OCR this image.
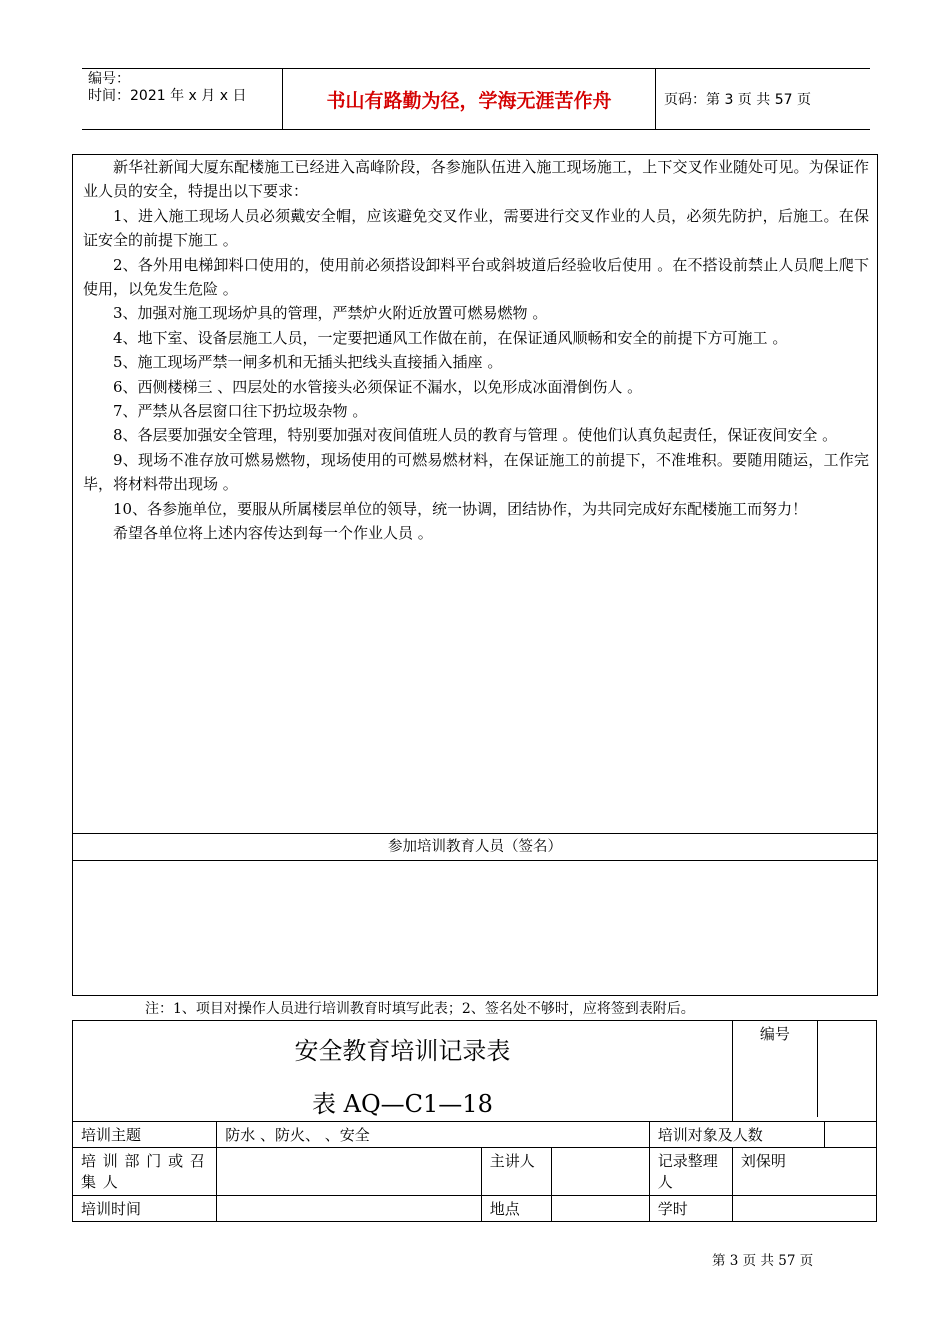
编号：
时间：2021 年 x 月 x 日	书山有路勤为径，学海无涯苦作舟	页码：第 3 页 共 57 页

新华社新闻大厦东配楼施工已经进入高峰阶段，各参施队伍进入施工现场施工，上下交叉作业随处可见。为保证作业人员的安全，特提出以下要求：

1、进入施工现场人员必须戴安全帽，应该避免交叉作业，需要进行交叉作业的人员，必须先防护，后施工。在保证安全的前提下施工 。

2、各外用电梯卸料口使用的，使用前必须搭设卸料平台或斜坡道后经验收后使用 。在不搭设前禁止人员爬上爬下使用，以免发生危险 。

3、加强对施工现场炉具的管理，严禁炉火附近放置可燃易燃物 。

4、地下室、设备层施工人员，一定要把通风工作做在前，在保证通风顺畅和安全的前提下方可施工 。

5、施工现场严禁一闸多机和无插头把线头直接插入插座 。

6、西侧楼梯三 、四层处的水管接头必须保证不漏水，以免形成冰面滑倒伤人 。

7、严禁从各层窗口往下扔垃圾杂物 。

8、各层要加强安全管理，特别要加强对夜间值班人员的教育与管理 。使他们认真负起责任，保证夜间安全 。

9、现场不准存放可燃易燃物，现场使用的可燃易燃材料，在保证施工的前提下，不准堆积。要随用随运，工作完毕，将材料带出现场 。

10、各参施单位，要服从所属楼层单位的领导，统一协调，团结协作，为共同完成好东配楼施工而努力！

希望各单位将上述内容传达到每一个作业人员 。

参加培训教育人员（签名）
注：1、项目对操作人员进行培训教育时填写此表；2、签名处不够时，应将签到表附后。
安全教育培训记录表
表 AQ—C1—18					编号

培训主题	防水 、防火、 、安全			培训对象及人数	

培 训 部 门 或 召 集 人		主讲人		记录整理人	刘保明
培训时间		地点		学时	
第 3 页 共 57 页
